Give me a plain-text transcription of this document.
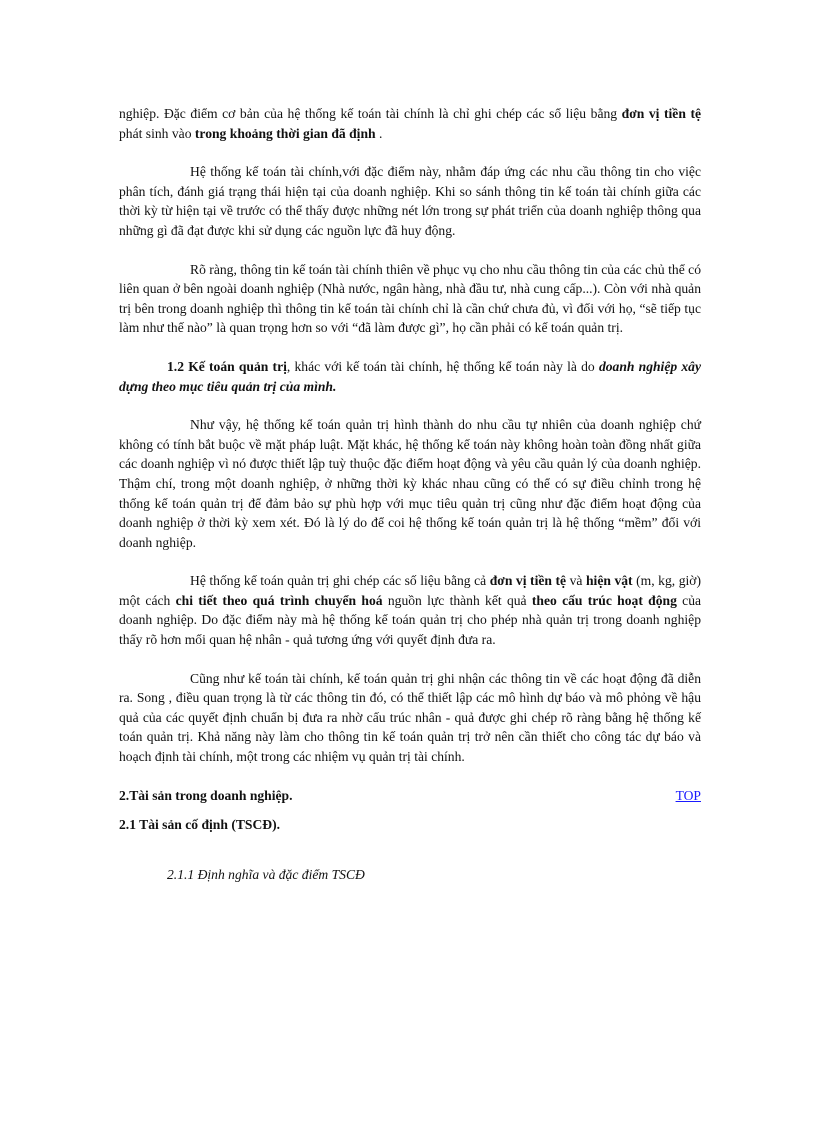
nghiệp. Đặc điểm cơ bản của hệ thống kế toán tài chính là chỉ ghi chép các số liệu bằng đơn vị tiền tệ phát sinh vào trong khoảng thời gian đã định .

Hệ thống kế toán tài chính,với đặc điểm này, nhằm đáp ứng các nhu cầu thông tin cho việc phân tích, đánh giá trạng thái hiện tại của doanh nghiệp. Khi so sánh thông tin kế toán tài chính giữa các thời kỳ từ hiện tại về trước có thể thấy được những nét lớn trong sự phát triển của doanh nghiệp thông qua những gì đã đạt được khi sử dụng các nguồn lực đã huy động.

Rõ ràng, thông tin kế toán tài chính thiên về phục vụ cho nhu cầu thông tin của các chủ thể có liên quan ở bên ngoài doanh nghiệp (Nhà nước, ngân hàng, nhà đầu tư, nhà cung cấp...). Còn với nhà quản trị bên trong doanh nghiệp thì thông tin kế toán tài chính chỉ là cần chứ chưa đủ, vì đối với họ, “sẽ tiếp tục làm như thế nào” là quan trọng hơn so với “đã làm được gì”, họ cần phải có kế toán quản trị.

1.2 Kế toán quản trị, khác với kế toán tài chính, hệ thống kế toán này là do doanh nghiệp xây dựng theo mục tiêu quản trị của mình.

Như vậy, hệ thống kế toán quản trị hình thành do nhu cầu tự nhiên của doanh nghiệp chứ không có tính bắt buộc về mặt pháp luật. Mặt khác, hệ thống kế toán này không hoàn toàn đồng nhất giữa các doanh nghiệp vì nó được thiết lập tuỳ thuộc đặc điểm hoạt động và yêu cầu quản lý của doanh nghiệp. Thậm chí, trong một doanh nghiệp, ở những thời kỳ khác nhau cũng có thể có sự điều chỉnh trong hệ thống kế toán quản trị để đảm bảo sự phù hợp với mục tiêu quản trị cũng như đặc điểm hoạt động của doanh nghiệp ở thời kỳ xem xét. Đó là lý do để coi hệ thống kế toán quản trị là hệ thống “mềm” đối với doanh nghiệp.

Hệ thống kế toán quản trị ghi chép các số liệu bằng cả đơn vị tiền tệ và hiện vật (m, kg, giờ) một cách chi tiết theo quá trình chuyển hoá nguồn lực thành kết quả theo cấu trúc hoạt động của doanh nghiệp. Do đặc điểm này mà hệ thống kế toán quản trị cho phép nhà quản trị trong doanh nghiệp thấy rõ hơn mối quan hệ nhân - quả tương ứng với quyết định đưa ra.

Cũng như kế toán tài chính, kế toán quản trị ghi nhận các thông tin về các hoạt động đã diễn ra. Song , điều quan trọng là từ các thông tin đó, có thể thiết lập các mô hình dự báo và mô phỏng về hậu quả của các quyết định chuẩn bị đưa ra nhờ cấu trúc nhân - quả được ghi chép rõ ràng bằng hệ thống kế toán quản trị. Khả năng này làm cho thông tin kế toán quản trị trở nên cần thiết cho công tác dự báo và hoạch định tài chính, một trong các nhiệm vụ quản trị tài chính.

2.Tài sản trong doanh nghiệp.	TOP
2.1 Tài sản cố định (TSCĐ).
2.1.1 Định nghĩa và đặc điểm TSCĐ
